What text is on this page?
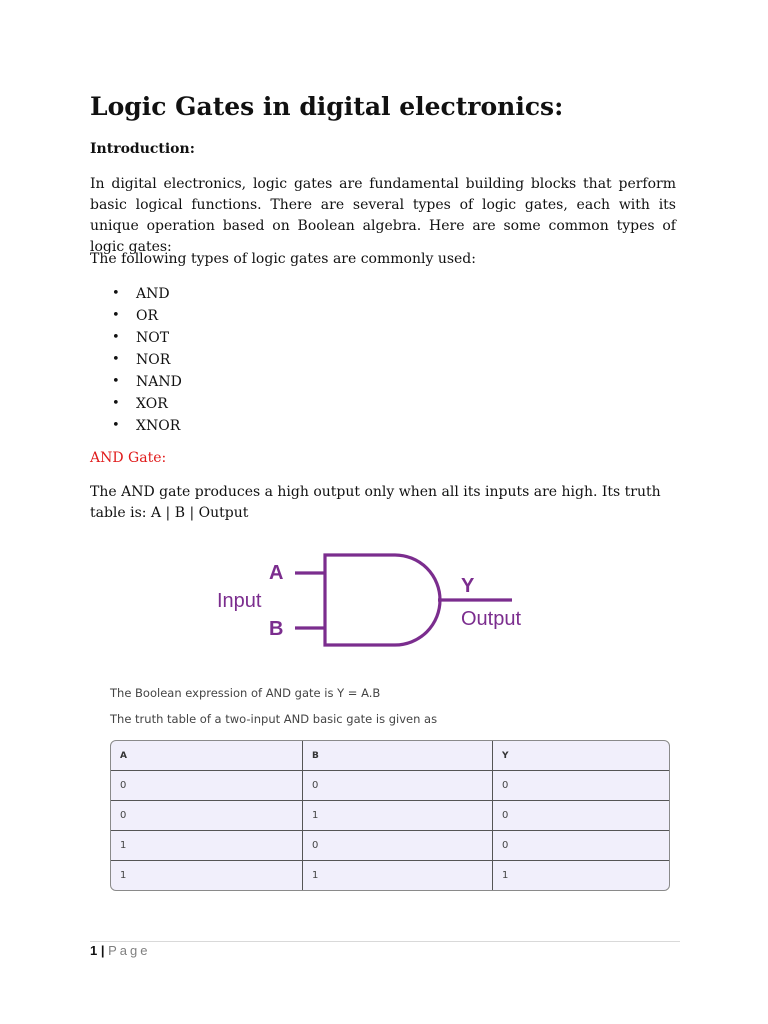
Logic Gates in digital electronics:

Introduction:

In digital electronics, logic gates are fundamental building blocks that perform basic logical functions. There are several types of logic gates, each with its unique operation based on Boolean algebra. Here are some common types of logic gates:

The following types of logic gates are commonly used:

• AND
• OR
• NOT
• NOR
• NAND
• XOR
• XNOR

AND Gate:

The AND gate produces a high output only when all its inputs are high. Its truth table is: A | B | Output

A
B
Input
Y
Output

The Boolean expression of AND gate is Y = A.B

The truth table of a two-input AND basic gate is given as

A	B	Y
0	0	0
0	1	0
1	0	0
1	1	1
1 | Page
